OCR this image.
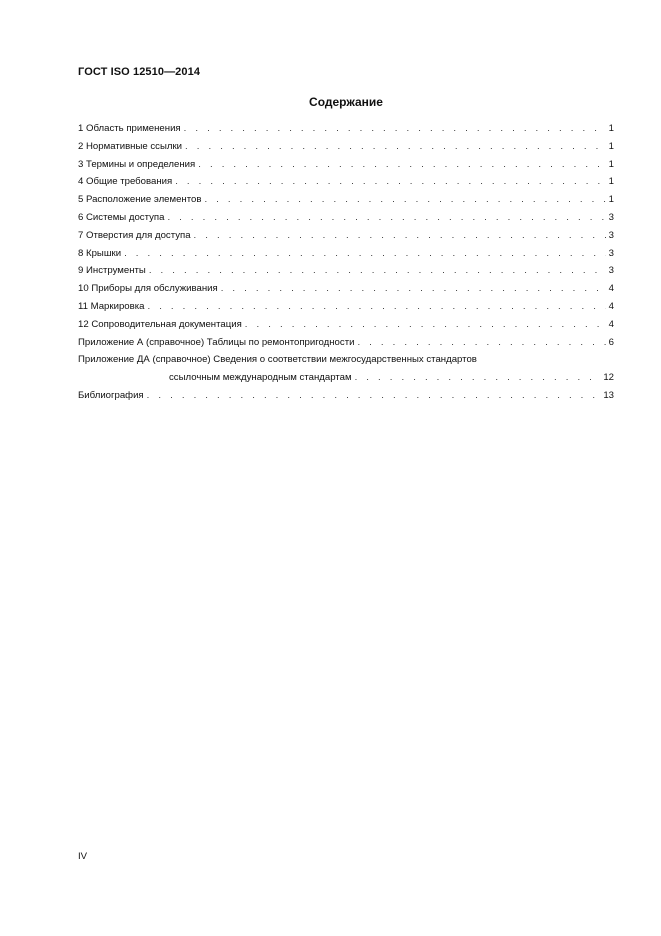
ГОСТ ISO 12510—2014
Содержание
1 Область применения . . .	1
2 Нормативные ссылки . . .	1
3 Термины и определения . . .	1
4 Общие требования . . .	1
5 Расположение элементов . . .	1
6 Системы доступа . . .	3
7 Отверстия для доступа . . .	3
8 Крышки . . .	3
9 Инструменты . . .	3
10 Приборы для обслуживания . . .	4
11 Маркировка . . .	4
12 Сопроводительная документация . . .	4
Приложение А (справочное) Таблицы по ремонтопригодности . . .	6
Приложение ДА (справочное) Сведения о соответствии межгосударственных стандартов
ссылочным международным стандартам . . .	12
Библиография . . .	13
IV
